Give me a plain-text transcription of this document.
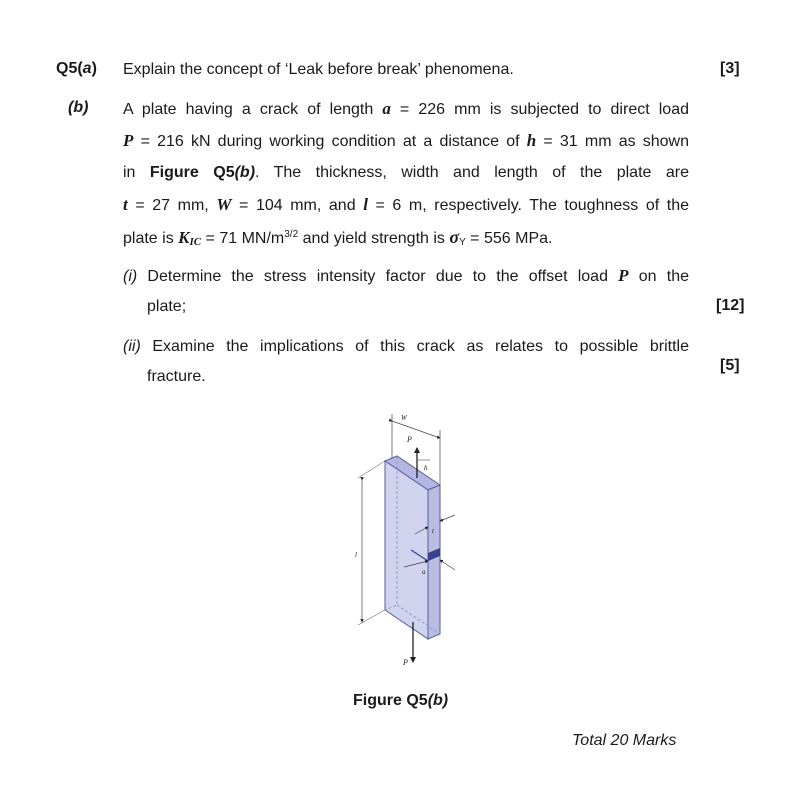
Q5(a) Explain the concept of ‘Leak before break’ phenomena.	[3]
(b) A plate having a crack of length a = 226 mm is subjected to direct load
P = 216 kN during working condition at a distance of h = 31 mm as shown
in Figure Q5(b). The thickness, width and length of the plate are
t = 27 mm, W = 104 mm, and l = 6 m, respectively. The toughness of the
plate is $K_{IC} = 71$ $MN/m^{3/2}$ and yield strength is $\sigma_Y = 556$ MPa.
(i) Determine the stress intensity factor due to the offset load P on the
plate;	[12]
(ii) Examine the implications of this crack as relates to possible brittle
fracture.
[5]
W
P
h
t
a
l
P
Figure Q5(b)
Total 20 Marks
